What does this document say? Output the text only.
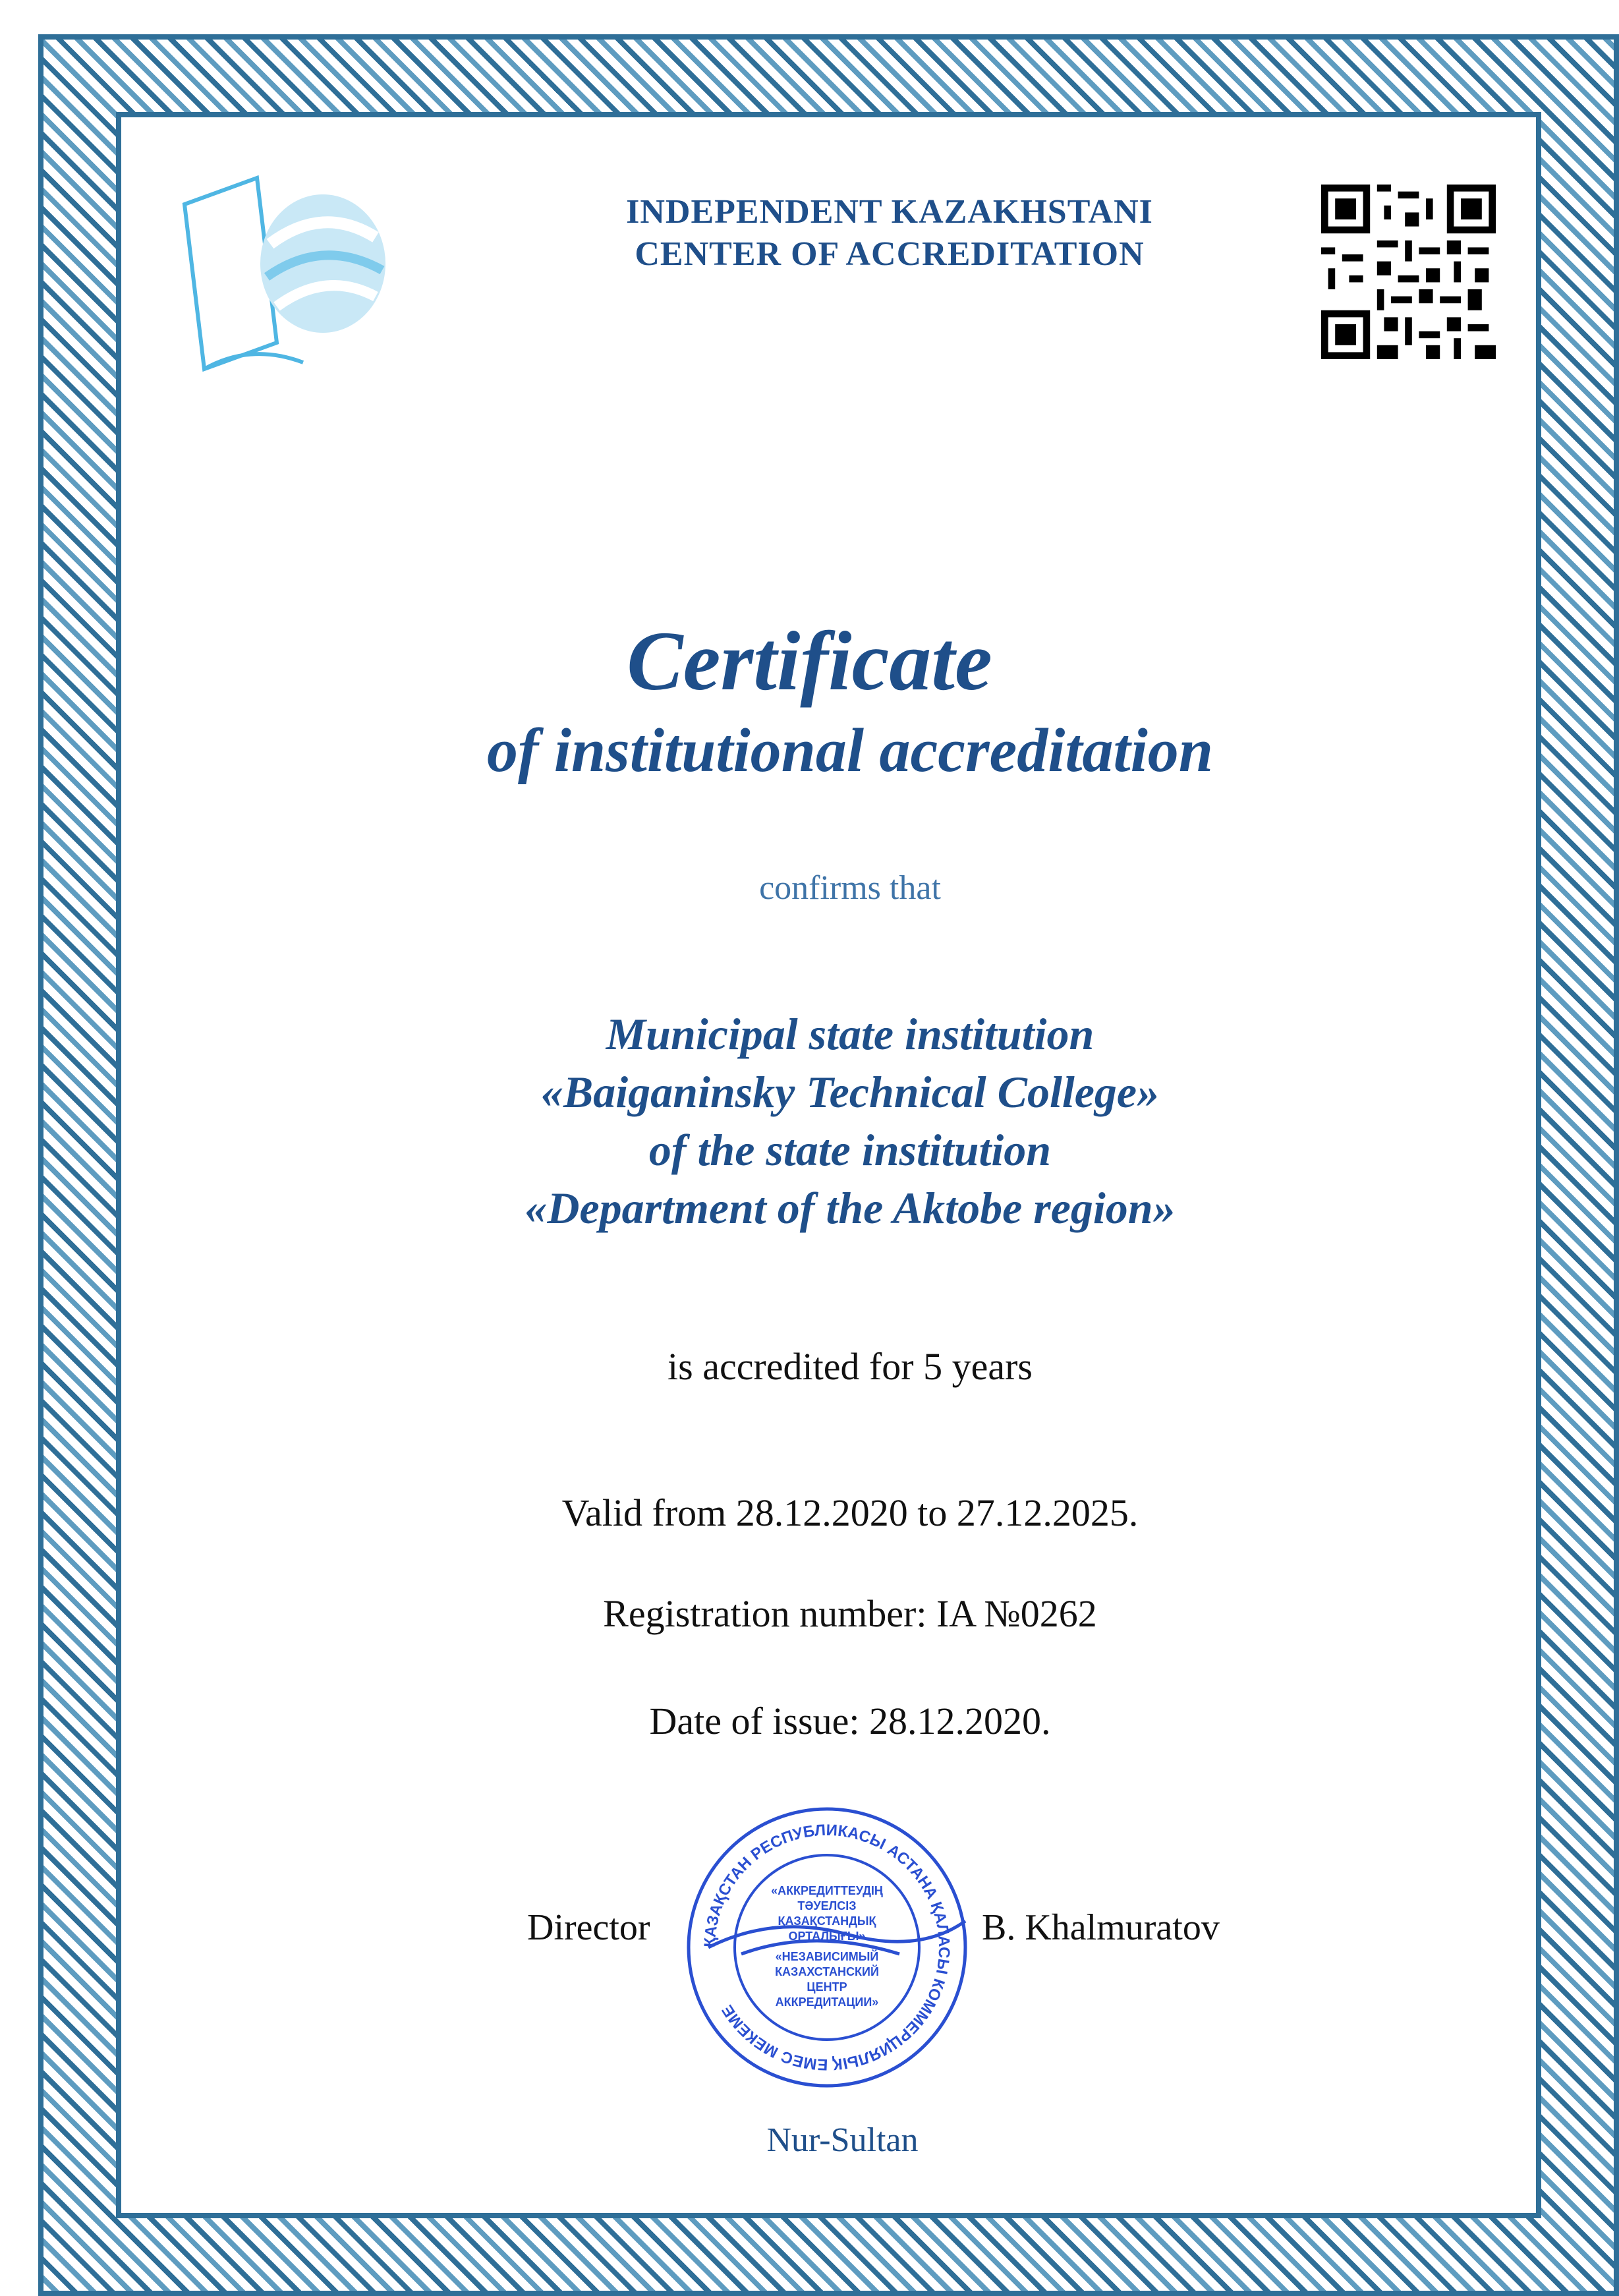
INDEPENDENT KAZAKHSTANI
CENTER OF ACCREDITATION
Certificate
of institutional accreditation
confirms that
Municipal state institution
«Baiganinsky Technical College»
of the state institution
«Department of the Aktobe region»
is accredited for 5 years
Valid from 28.12.2020 to 27.12.2025.
Registration number: IA №0262
Date of issue: 28.12.2020.
ҚАЗАҚСТАН РЕСПУБЛИКАСЫ АСТАНА ҚАЛАСЫ КОММЕРЦИЯЛЫҚ ЕМЕС МЕКЕМЕ
«АККРЕДИТТЕУДІҢ
ТӘУЕЛСІЗ
ҚАЗАҚСТАНДЫҚ
ОРТАЛЫҒЫ»
«НЕЗАВИСИМЫЙ
КАЗАХСТАНСКИЙ
ЦЕНТР
АККРЕДИТАЦИИ»
Director	B. Khalmuratov
Nur-Sultan
